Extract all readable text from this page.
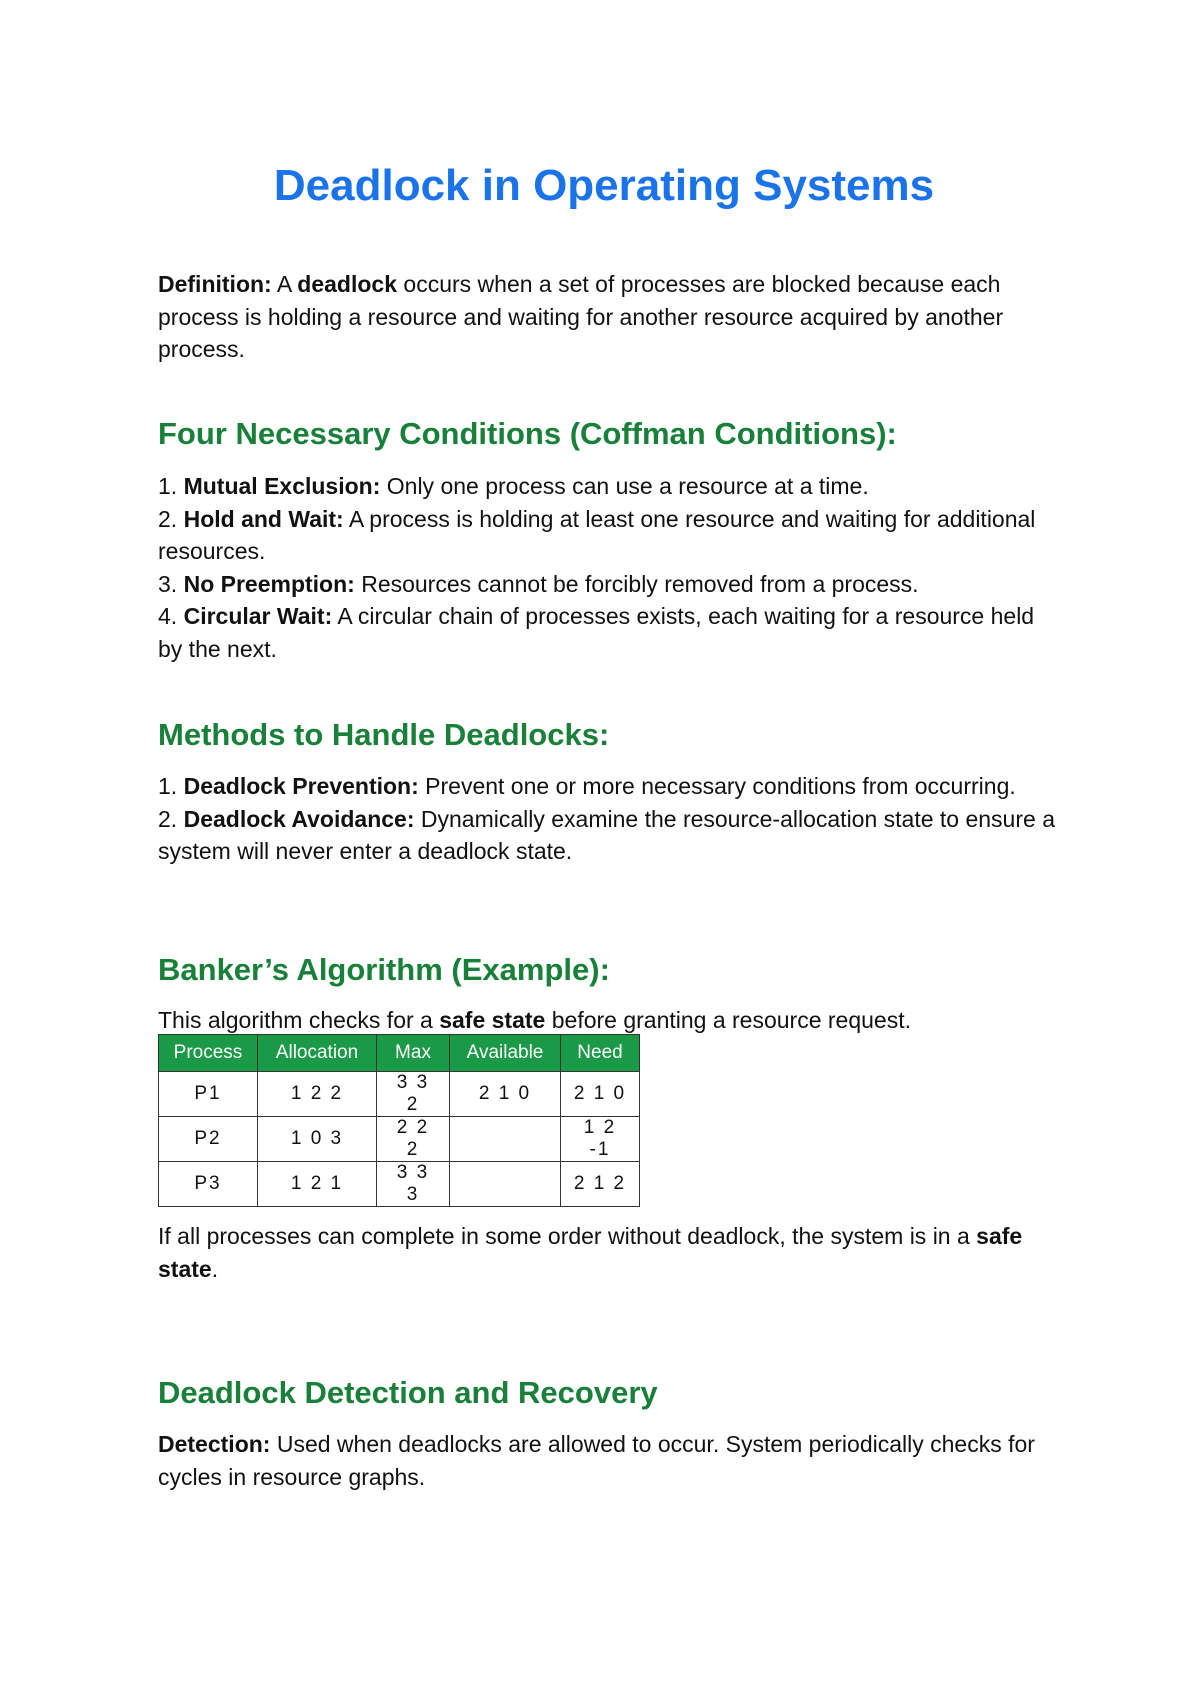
Deadlock in Operating Systems

Definition: A deadlock occurs when a set of processes are blocked because each process is holding a resource and waiting for another resource acquired by another process.

Four Necessary Conditions (Coffman Conditions):
1. Mutual Exclusion: Only one process can use a resource at a time.
2. Hold and Wait: A process is holding at least one resource and waiting for additional resources.
3. No Preemption: Resources cannot be forcibly removed from a process.
4. Circular Wait: A circular chain of processes exists, each waiting for a resource held by the next.
Methods to Handle Deadlocks:
1. Deadlock Prevention: Prevent one or more necessary conditions from occurring.
2. Deadlock Avoidance: Dynamically examine the resource-allocation state to ensure a system will never enter a deadlock state.
Banker’s Algorithm (Example):

This algorithm checks for a safe state before granting a resource request.

Process	Allocation	Max	Available	Need
P1	1 2 2	3 3 2	2 1 0	2 1 0
P2	1 0 3	2 2 2		1 2 -1
P3	1 2 1	3 3 3		2 1 2

If all processes can complete in some order without deadlock, the system is in a safe state.

Deadlock Detection and Recovery

Detection: Used when deadlocks are allowed to occur. System periodically checks for cycles in resource graphs.
